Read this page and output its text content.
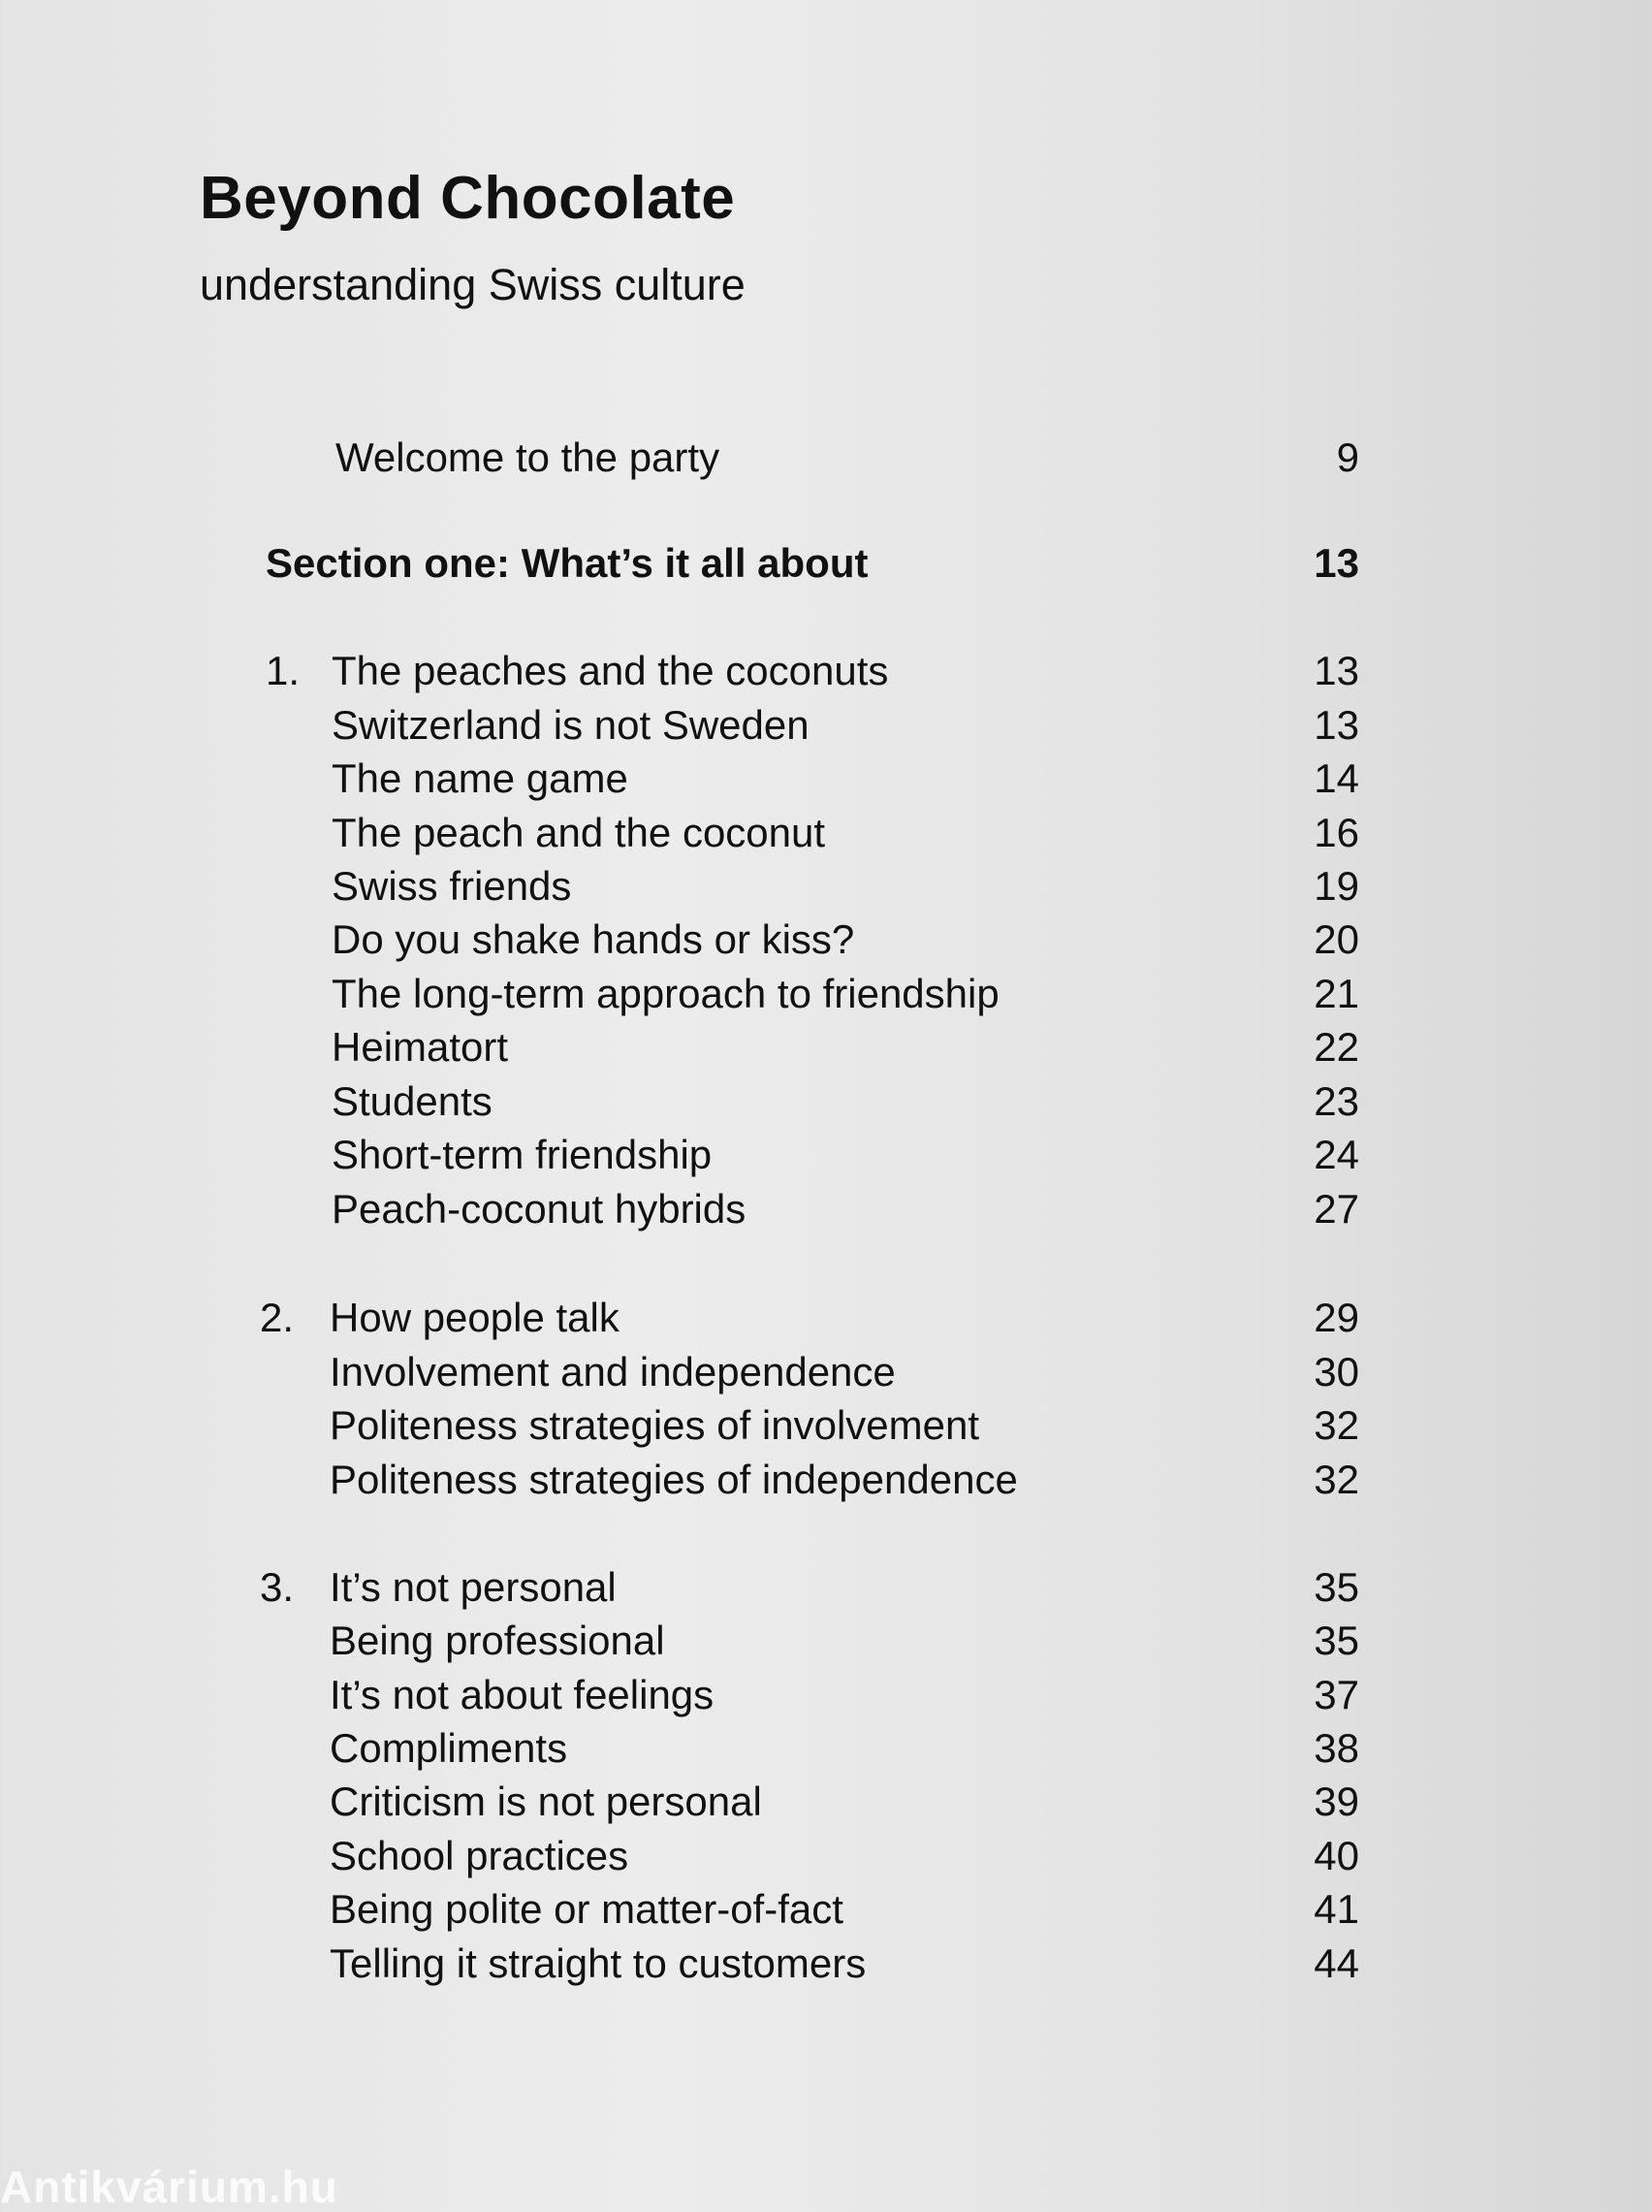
Beyond Chocolate

understanding Swiss culture

Welcome to the party	9
Section one: What’s it all about	13
1. The peaches and the coconuts	13
Switzerland is not Sweden	13
The name game	14
The peach and the coconut	16
Swiss friends	19
Do you shake hands or kiss?	20
The long-term approach to friendship	21
Heimatort	22
Students	23
Short-term friendship	24
Peach-coconut hybrids	27
2. How people talk	29
Involvement and independence	30
Politeness strategies of involvement	32
Politeness strategies of independence	32
3. It’s not personal	35
Being professional	35
It’s not about feelings	37
Compliments	38
Criticism is not personal	39
School practices	40
Being polite or matter-of-fact	41
Telling it straight to customers	44
Antikvárium.hu
